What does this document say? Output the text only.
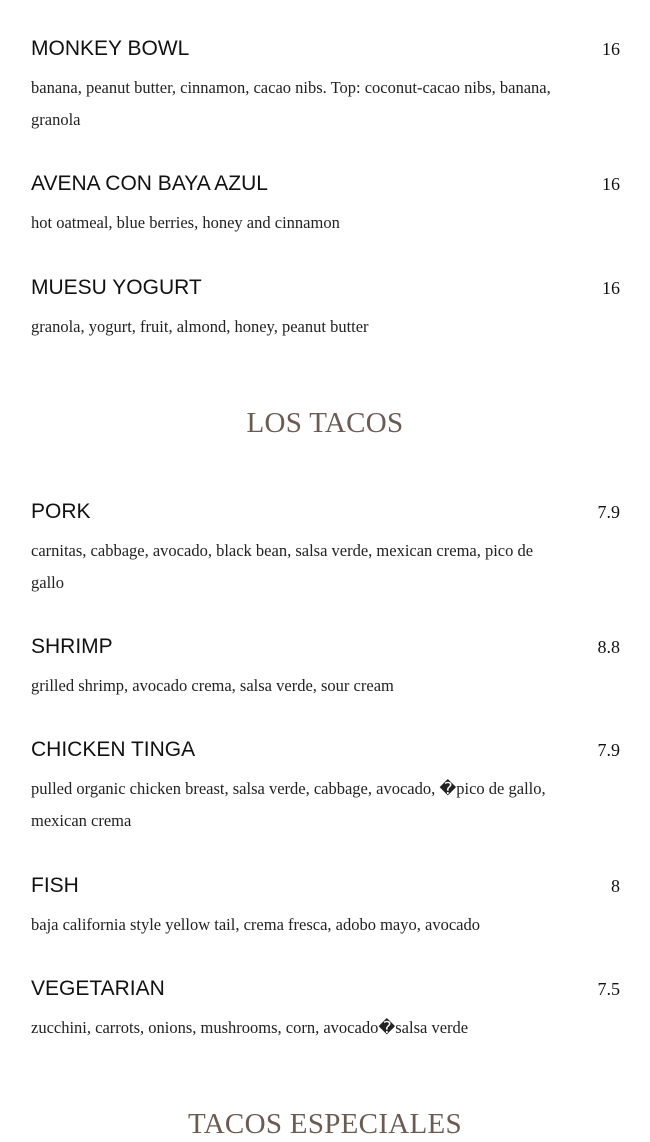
MONKEY BOWL	16
banana, peanut butter, cinnamon, cacao nibs. Top: coconut-cacao nibs, banana, granola
AVENA CON BAYA AZUL	16
hot oatmeal, blue berries, honey and cinnamon
MUESU YOGURT	16
granola, yogurt, fruit, almond, honey, peanut butter
LOS TACOS
PORK	7.9
carnitas, cabbage, avocado, black bean, salsa verde, mexican crema, pico de gallo
SHRIMP	8.8
grilled shrimp, avocado crema, salsa verde, sour cream
CHICKEN TINGA	7.9
pulled organic chicken breast, salsa verde, cabbage, avocado, �pico de gallo, mexican crema
FISH	8
baja california style yellow tail, crema fresca, adobo mayo, avocado
VEGETARIAN	7.5
zucchini, carrots, onions, mushrooms, corn, avocado�salsa verde
TACOS ESPECIALES
